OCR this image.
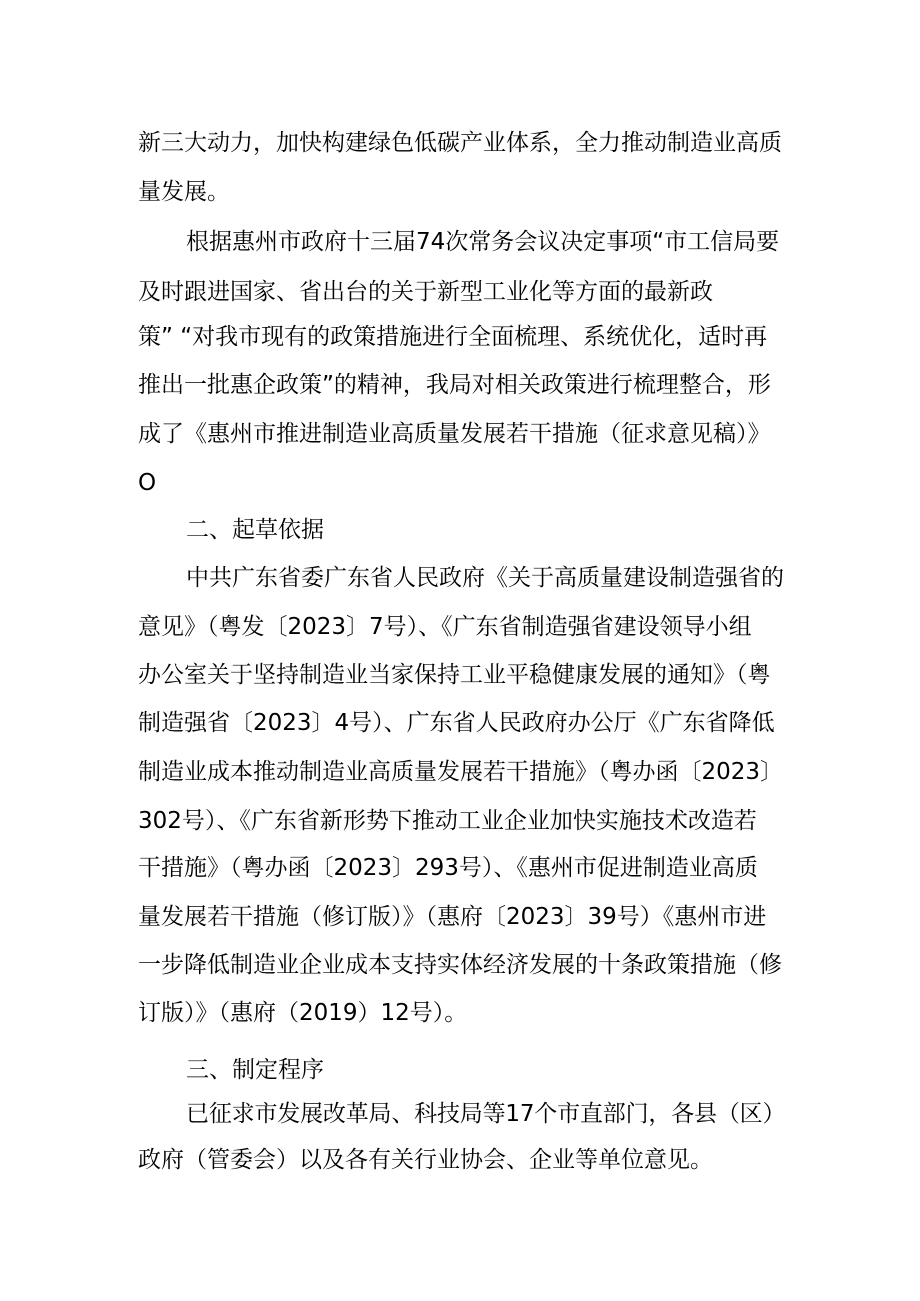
新三大动力，加快构建绿色低碳产业体系，全力推动制造业高质
量发展。
根据惠州市政府十三届74次常务会议决定事项“市工信局要
及时跟进国家、省出台的关于新型工业化等方面的最新政
策” “对我市现有的政策措施进行全面梳理、系统优化，适时再
推出一批惠企政策”的精神，我局对相关政策进行梳理整合，形
成了《惠州市推进制造业高质量发展若干措施（征求意见稿）》
O
二、起草依据
中共广东省委广东省人民政府《关于高质量建设制造强省的
意见》（粤发〔2023〕7号）、《广东省制造强省建设领导小组
办公室关于坚持制造业当家保持工业平稳健康发展的通知》（粤
制造强省〔2023〕4号）、广东省人民政府办公厅《广东省降低
制造业成本推动制造业高质量发展若干措施》（粤办函〔2023〕
302号）、《广东省新形势下推动工业企业加快实施技术改造若
干措施》（粤办函〔2023〕293号）、《惠州市促进制造业高质
量发展若干措施（修订版）》（惠府〔2023〕39号）《惠州市进
一步降低制造业企业成本支持实体经济发展的十条政策措施（修
订版）》（惠府（2019）12号）。
三、制定程序
已征求市发展改革局、科技局等17个市直部门，各县（区）
政府（管委会）以及各有关行业协会、企业等单位意见。
